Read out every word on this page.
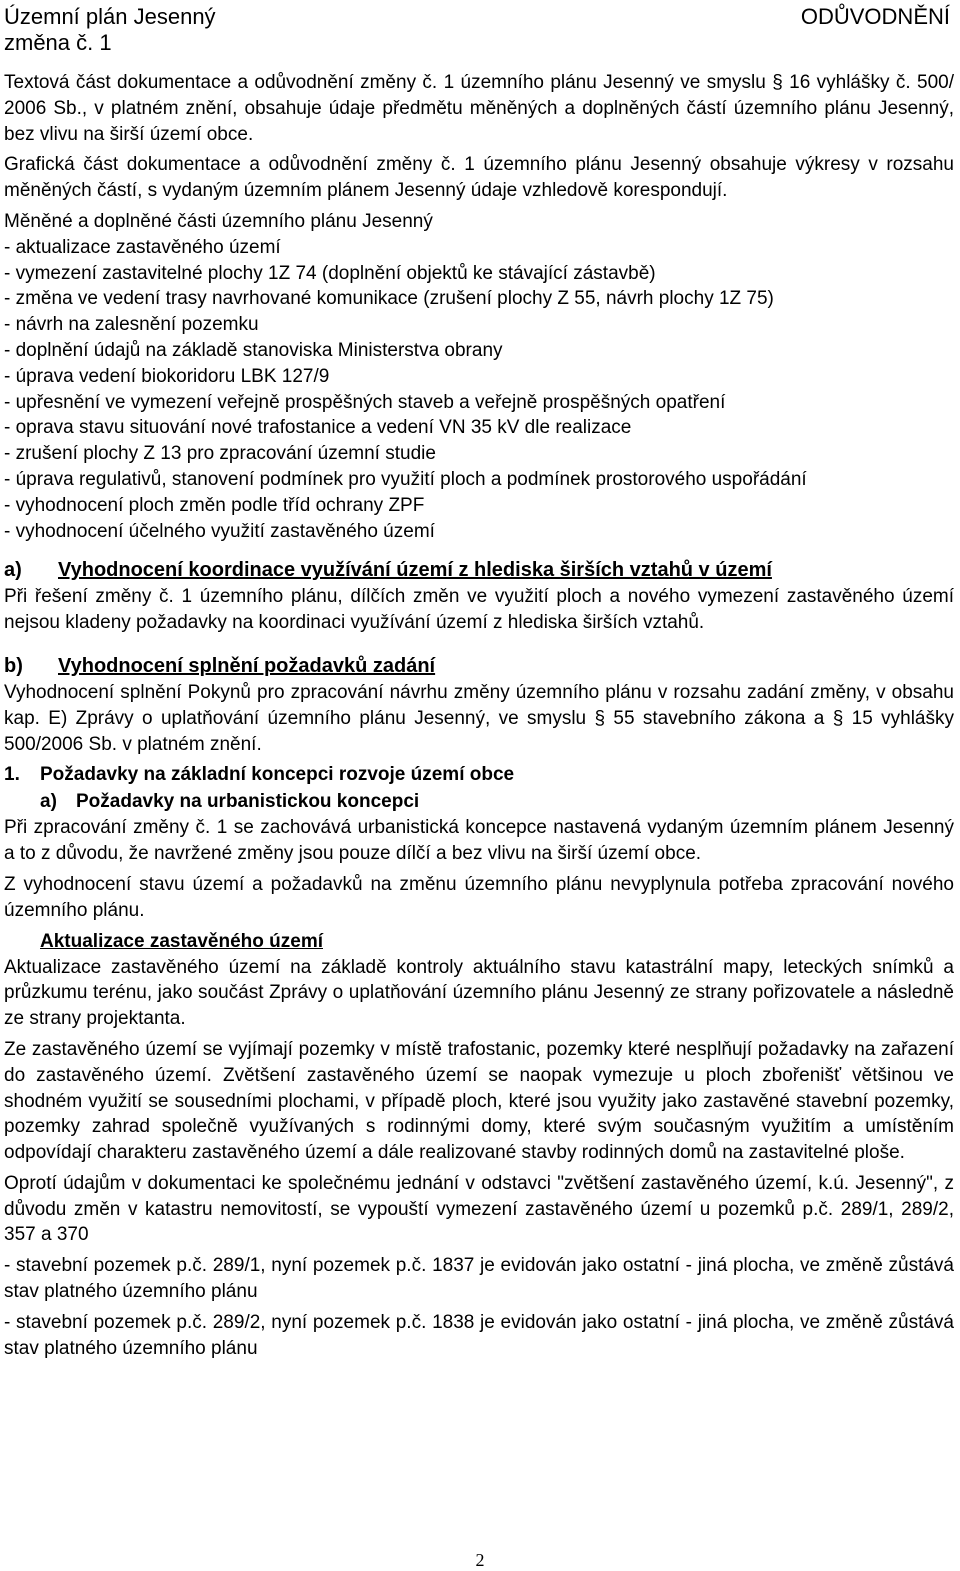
Územní plán Jesenný
změna č. 1
ODŮVODNĚNÍ

Textová část dokumentace a odůvodnění změny č. 1 územního plánu Jesenný ve smyslu § 16 vyhlášky č. 500/ 2006 Sb., v platném znění, obsahuje údaje předmětu měněných a doplněných částí územního plánu Jesenný, bez vlivu na širší území obce.

Grafická část dokumentace a odůvodnění změny č. 1 územního plánu Jesenný obsahuje výkresy v rozsahu měněných částí, s vydaným územním plánem Jesenný údaje vzhledově korespondují.

Měněné a doplněné části územního plánu Jesenný
- aktualizace zastavěného území
- vymezení zastavitelné plochy 1Z 74 (doplnění objektů ke stávající zástavbě)
- změna ve vedení trasy navrhované komunikace (zrušení plochy Z 55, návrh plochy 1Z 75)
- návrh na zalesnění pozemku
- doplnění údajů na základě stanoviska Ministerstva obrany
- úprava vedení biokoridoru LBK 127/9
- upřesnění ve vymezení veřejně prospěšných staveb a veřejně prospěšných opatření
- oprava stavu situování nové trafostanice a vedení VN 35 kV dle realizace
- zrušení plochy Z 13 pro zpracování územní studie
- úprava regulativů, stanovení podmínek pro využití ploch a podmínek prostorového uspořádání
- vyhodnocení ploch změn podle tříd ochrany ZPF
- vyhodnocení účelného využití zastavěného území
a) Vyhodnocení koordinace využívání území z hlediska širších vztahů v území

Při řešení změny č. 1 územního plánu, dílčích změn ve využití ploch a nového vymezení zastavěného území nejsou kladeny požadavky na koordinaci využívání území z hlediska širších vztahů.

b) Vyhodnocení splnění požadavků zadání

Vyhodnocení splnění Pokynů pro zpracování návrhu změny územního plánu v rozsahu zadání změny, v obsahu kap. E) Zprávy o uplatňování územního plánu Jesenný, ve smyslu § 55 stavebního zákona a § 15 vyhlášky 500/2006 Sb. v platném znění.

1. Požadavky na základní koncepci rozvoje území obce
a) Požadavky na urbanistickou koncepci

Při zpracování změny č. 1 se zachovává urbanistická koncepce nastavená vydaným územním plánem Jesenný a to z důvodu, že navržené změny jsou pouze dílčí a bez vlivu na širší území obce.

Z vyhodnocení stavu území a požadavků na změnu územního plánu nevyplynula potřeba zpracování nového územního plánu.

Aktualizace zastavěného území

Aktualizace zastavěného území na základě kontroly aktuálního stavu katastrální mapy, leteckých snímků a průzkumu terénu, jako součást Zprávy o uplatňování územního plánu Jesenný ze strany pořizovatele a následně ze strany projektanta.

Ze zastavěného území se vyjímají pozemky v místě trafostanic, pozemky které nesplňují požadavky na zařazení do zastavěného území. Zvětšení zastavěného území se naopak vymezuje u ploch zbořenišť většinou ve shodném využití se sousedními plochami, v případě ploch, které jsou využity jako zastavěné stavební pozemky, pozemky zahrad společně využívaných s rodinnými domy, které svým současným využitím a umístěním odpovídají charakteru zastavěného území a dále realizované stavby rodinných domů na zastavitelné ploše.

Oprotí údajům v dokumentaci ke společnému jednání v odstavci "zvětšení zastavěného území, k.ú. Jesenný", z důvodu změn v katastru nemovitostí, se vypouští vymezení zastavěného území u pozemků p.č. 289/1, 289/2, 357 a 370

- stavební pozemek p.č. 289/1, nyní pozemek p.č. 1837 je evidován jako ostatní - jiná plocha, ve změně zůstává stav platného územního plánu

- stavební pozemek p.č. 289/2, nyní pozemek p.č. 1838 je evidován jako ostatní - jiná plocha, ve změně zůstává stav platného územního plánu

2
